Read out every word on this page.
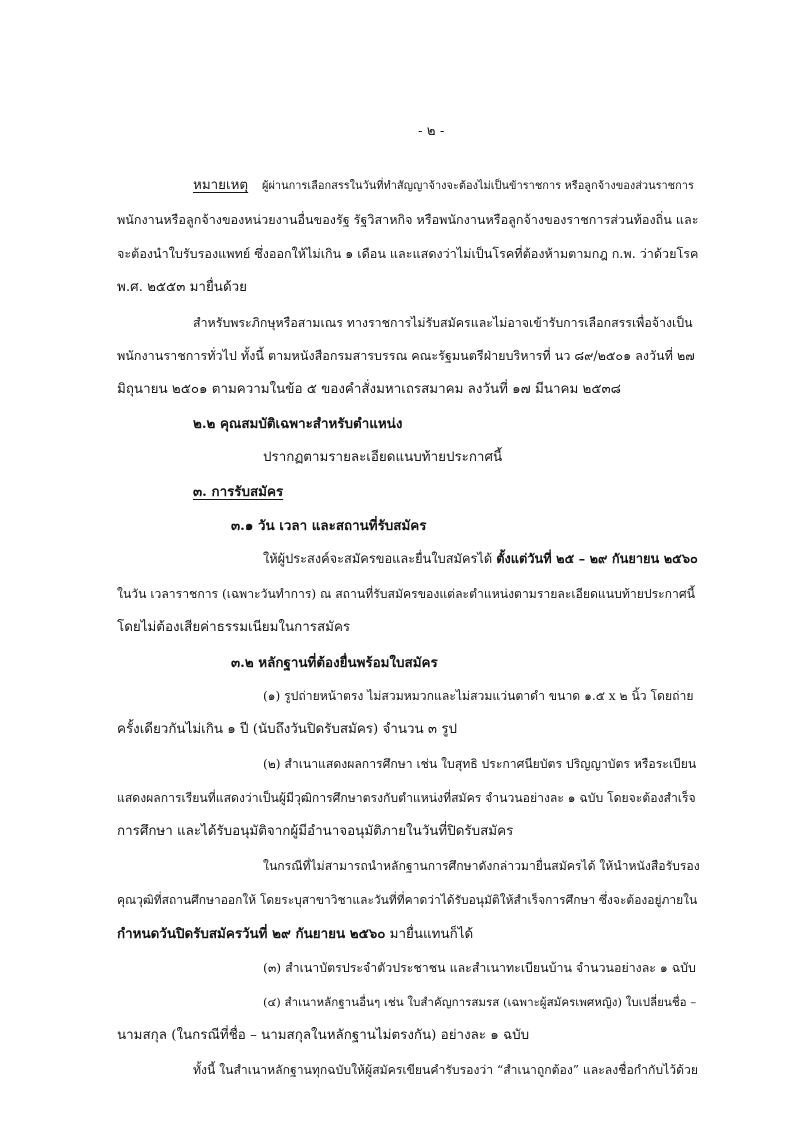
- ๒ -
หมายเหตุ ผู้ผ่านการเลือกสรรในวันที่ทำสัญญาจ้างจะต้องไม่เป็นข้าราชการ หรือลูกจ้างของส่วนราชการ
พนักงานหรือลูกจ้างของหน่วยงานอื่นของรัฐ รัฐวิสาหกิจ หรือพนักงานหรือลูกจ้างของราชการส่วนท้องถิ่น และ
จะต้องนำใบรับรองแพทย์ ซึ่งออกให้ไม่เกิน ๑ เดือน และแสดงว่าไม่เป็นโรคที่ต้องห้ามตามกฎ ก.พ. ว่าด้วยโรค
พ.ศ. ๒๕๕๓ มายื่นด้วย
สำหรับพระภิกษุหรือสามเณร ทางราชการไม่รับสมัครและไม่อาจเข้ารับการเลือกสรรเพื่อจ้างเป็น
พนักงานราชการทั่วไป ทั้งนี้ ตามหนังสือกรมสารบรรณ คณะรัฐมนตรีฝ่ายบริหารที่ นว ๘๙/๒๕๐๑ ลงวันที่ ๒๗
มิถุนายน ๒๕๐๑ ตามความในข้อ ๕ ของคำสั่งมหาเถรสมาคม ลงวันที่ ๑๗ มีนาคม ๒๕๓๘
๒.๒ คุณสมบัติเฉพาะสำหรับตำแหน่ง
ปรากฏตามรายละเอียดแนบท้ายประกาศนี้
๓. การรับสมัคร
๓.๑ วัน เวลา และสถานที่รับสมัคร
ให้ผู้ประสงค์จะสมัครขอและยื่นใบสมัครได้ ตั้งแต่วันที่ ๒๕ – ๒๙ กันยายน ๒๕๖๐
ในวัน เวลาราชการ (เฉพาะวันทำการ) ณ สถานที่รับสมัครของแต่ละตำแหน่งตามรายละเอียดแนบท้ายประกาศนี้
โดยไม่ต้องเสียค่าธรรมเนียมในการสมัคร
๓.๒ หลักฐานที่ต้องยื่นพร้อมใบสมัคร
(๑) รูปถ่ายหน้าตรง ไม่สวมหมวกและไม่สวมแว่นตาดำ ขนาด ๑.๕ x ๒ นิ้ว โดยถ่าย
ครั้งเดียวกันไม่เกิน ๑ ปี (นับถึงวันปิดรับสมัคร) จำนวน ๓ รูป
(๒) สำเนาแสดงผลการศึกษา เช่น ใบสุทธิ ประกาศนียบัตร ปริญญาบัตร หรือระเบียน
แสดงผลการเรียนที่แสดงว่าเป็นผู้มีวุฒิการศึกษาตรงกับตำแหน่งที่สมัคร จำนวนอย่างละ ๑ ฉบับ โดยจะต้องสำเร็จ
การศึกษา และได้รับอนุมัติจากผู้มีอำนาจอนุมัติภายในวันที่ปิดรับสมัคร
ในกรณีที่ไม่สามารถนำหลักฐานการศึกษาดังกล่าวมายื่นสมัครได้ ให้นำหนังสือรับรอง
คุณวุฒิที่สถานศึกษาออกให้ โดยระบุสาขาวิชาและวันที่ที่คาดว่าได้รับอนุมัติให้สำเร็จการศึกษา ซึ่งจะต้องอยู่ภายใน
กำหนดวันปิดรับสมัครวันที่ ๒๙ กันยายน ๒๕๖๐ มายื่นแทนก็ได้
(๓) สำเนาบัตรประจำตัวประชาชน และสำเนาทะเบียนบ้าน จำนวนอย่างละ ๑ ฉบับ
(๔) สำเนาหลักฐานอื่นๆ เช่น ใบสำคัญการสมรส (เฉพาะผู้สมัครเพศหญิง) ใบเปลี่ยนชื่อ –
นามสกุล (ในกรณีที่ชื่อ – นามสกุลในหลักฐานไม่ตรงกัน) อย่างละ ๑ ฉบับ
ทั้งนี้ ในสำเนาหลักฐานทุกฉบับให้ผู้สมัครเขียนคำรับรองว่า “สำเนาถูกต้อง” และลงชื่อกำกับไว้ด้วย
